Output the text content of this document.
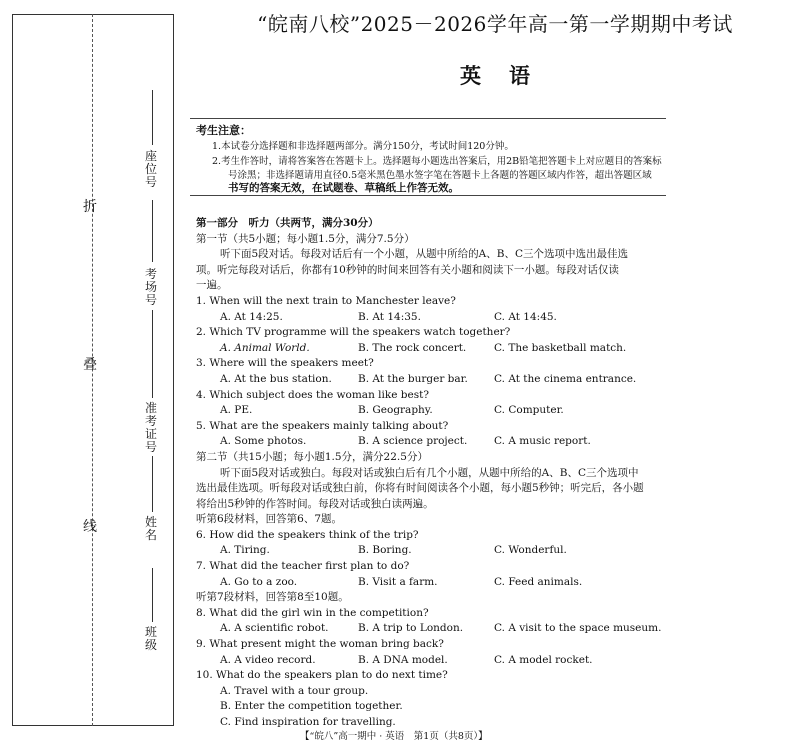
折
叠
线
座位号
考场号
准考证号
姓名
班级
“皖南八校”2025－2026学年高一第一学期期中考试
英语
考生注意：
1.本试卷分选择题和非选择题两部分。满分150分，考试时间120分钟。
2.考生作答时，请将答案答在答题卡上。选择题每小题选出答案后，用2B铅笔把答题卡上对应题目的答案标
号涂黑；非选择题请用直径0.5毫米黑色墨水签字笔在答题卡上各题的答题区域内作答，超出答题区域
书写的答案无效，在试题卷、草稿纸上作答无效。
第一部分　听力（共两节，满分30分）
第一节（共5小题；每小题1.5分，满分7.5分）
听下面5段对话。每段对话后有一个小题，从题中所给的A、B、C三个选项中选出最佳选
项。听完每段对话后，你都有10秒钟的时间来回答有关小题和阅读下一小题。每段对话仅读
一遍。
1. When will the next train to Manchester leave?
A. At 14:25.	B. At 14:35.	C. At 14:45.
2. Which TV programme will the speakers watch together?
A. Animal World.	B. The rock concert.	C. The basketball match.
3. Where will the speakers meet?
A. At the bus station. B. At the burger bar. C. At the cinema entrance.
4. Which subject does the woman like best?
A. PE.	B. Geography.	C. Computer.
5. What are the speakers mainly talking about?
A. Some photos.	B. A science project.	C. A music report.
第二节（共15小题；每小题1.5分，满分22.5分）
听下面5段对话或独白。每段对话或独白后有几个小题，从题中所给的A、B、C三个选项中
选出最佳选项。听每段对话或独白前，你将有时间阅读各个小题，每小题5秒钟；听完后，各小题
将给出5秒钟的作答时间。每段对话或独白读两遍。
听第6段材料，回答第6、7题。
6. How did the speakers think of the trip?
A. Tiring.	B. Boring.	C. Wonderful.
7. What did the teacher first plan to do?
A. Go to a zoo.	B. Visit a farm.	C. Feed animals.
听第7段材料，回答第8至10题。
8. What did the girl win in the competition?
A. A scientific robot.	B. A trip to London.	C. A visit to the space museum.
9. What present might the woman bring back?
A. A video record.	B. A DNA model.	C. A model rocket.
10. What do the speakers plan to do next time?
A. Travel with a tour group.
B. Enter the competition together.
C. Find inspiration for travelling.
【“皖八”高一期中 · 英语　第1页（共8页）】
